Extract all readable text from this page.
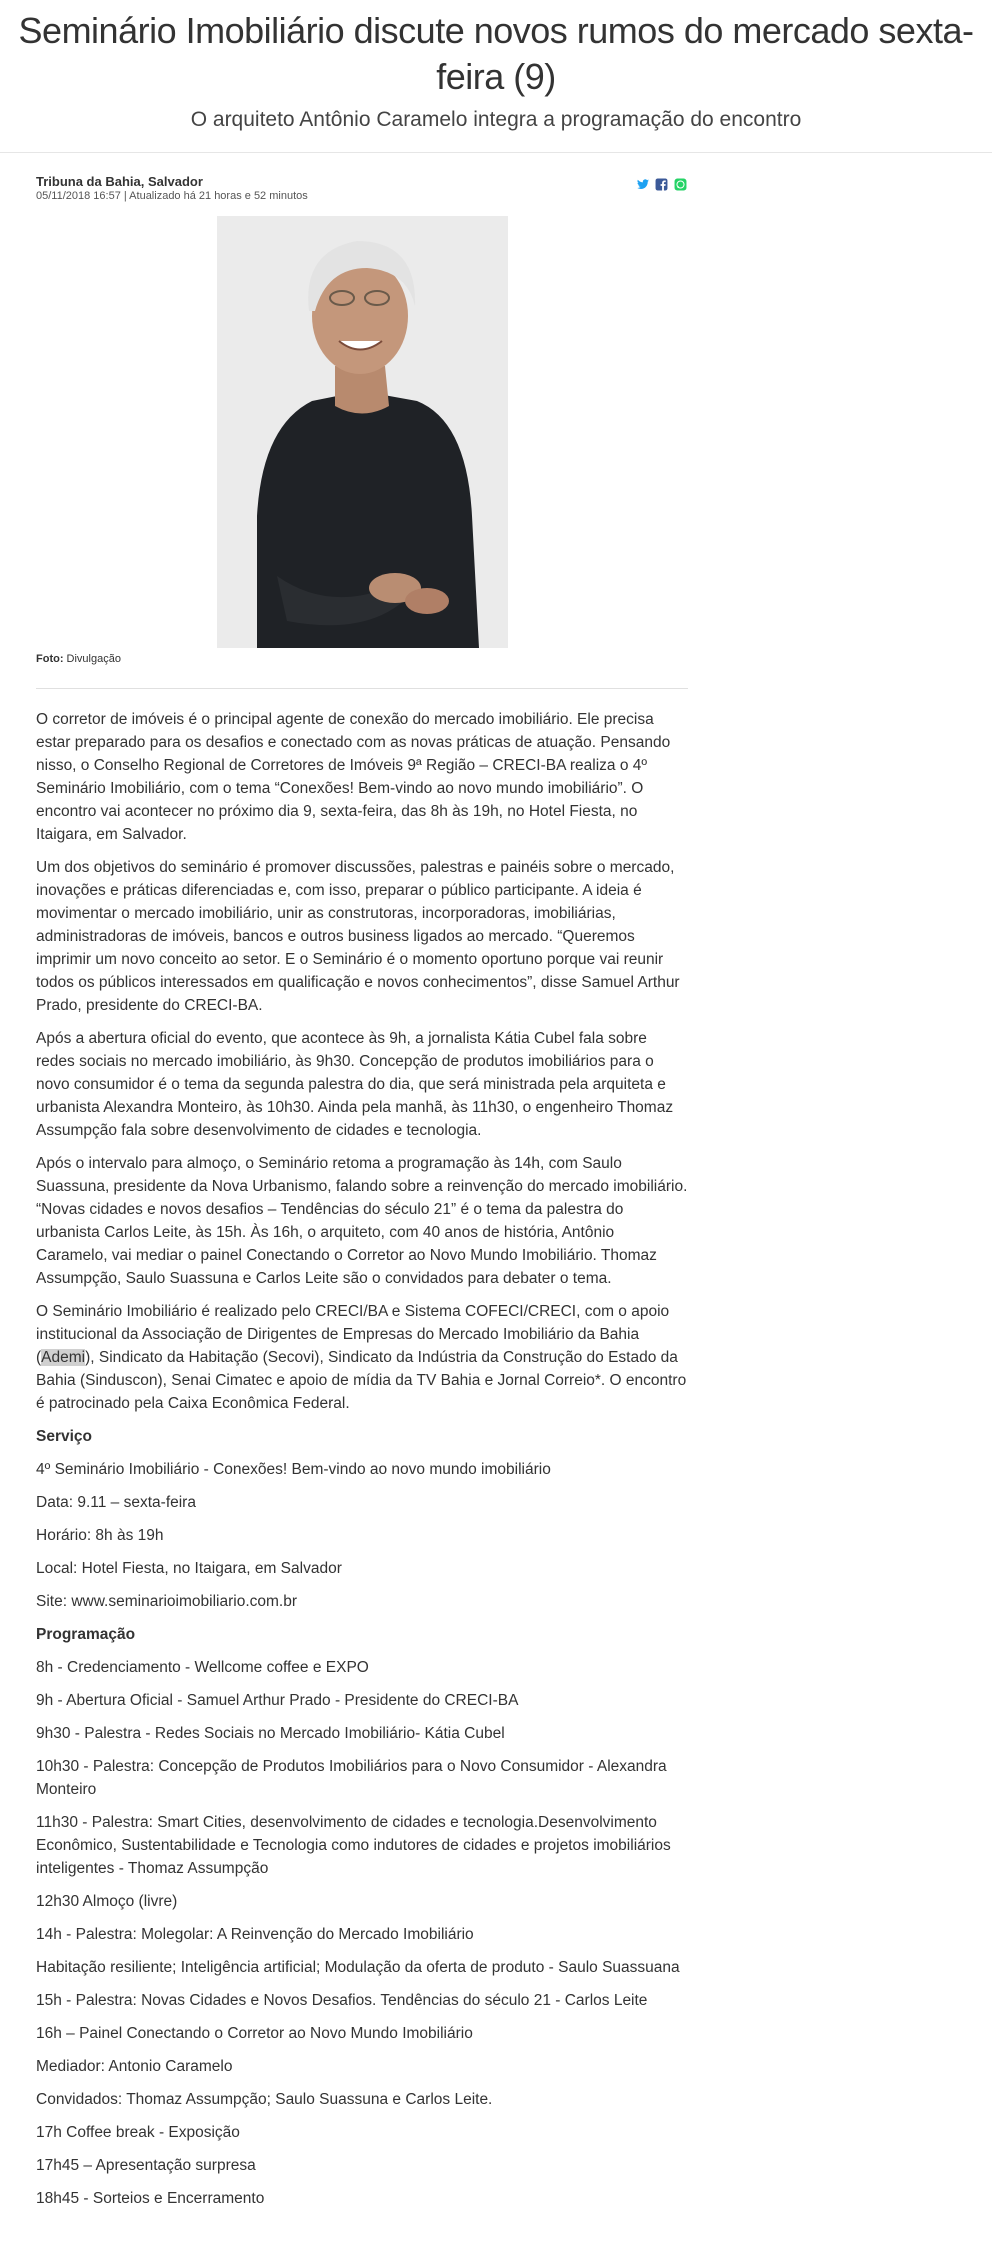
Seminário Imobiliário discute novos rumos do mercado sexta-feira (9)
O arquiteto Antônio Caramelo integra a programação do encontro
Tribuna da Bahia, Salvador
05/11/2018 16:57 | Atualizado há 21 horas e 52 minutos
Foto: Divulgação

O corretor de imóveis é o principal agente de conexão do mercado imobiliário. Ele precisa estar preparado para os desafios e conectado com as novas práticas de atuação. Pensando nisso, o Conselho Regional de Corretores de Imóveis 9ª Região – CRECI-BA realiza o 4º Seminário Imobiliário, com o tema “Conexões! Bem-vindo ao novo mundo imobiliário”. O encontro vai acontecer no próximo dia 9, sexta-feira, das 8h às 19h, no Hotel Fiesta, no Itaigara, em Salvador.

Um dos objetivos do seminário é promover discussões, palestras e painéis sobre o mercado, inovações e práticas diferenciadas e, com isso, preparar o público participante. A ideia é movimentar o mercado imobiliário, unir as construtoras, incorporadoras, imobiliárias, administradoras de imóveis, bancos e outros business ligados ao mercado. “Queremos imprimir um novo conceito ao setor. E o Seminário é o momento oportuno porque vai reunir todos os públicos interessados em qualificação e novos conhecimentos”, disse Samuel Arthur Prado, presidente do CRECI-BA.

Após a abertura oficial do evento, que acontece às 9h, a jornalista Kátia Cubel fala sobre redes sociais no mercado imobiliário, às 9h30. Concepção de produtos imobiliários para o novo consumidor é o tema da segunda palestra do dia, que será ministrada pela arquiteta e urbanista Alexandra Monteiro, às 10h30. Ainda pela manhã, às 11h30, o engenheiro Thomaz Assumpção fala sobre desenvolvimento de cidades e tecnologia.

Após o intervalo para almoço, o Seminário retoma a programação às 14h, com Saulo Suassuna, presidente da Nova Urbanismo, falando sobre a reinvenção do mercado imobiliário. “Novas cidades e novos desafios – Tendências do século 21” é o tema da palestra do urbanista Carlos Leite, às 15h. Às 16h, o arquiteto, com 40 anos de história, Antônio Caramelo, vai mediar o painel Conectando o Corretor ao Novo Mundo Imobiliário. Thomaz Assumpção, Saulo Suassuna e Carlos Leite são o convidados para debater o tema.

O Seminário Imobiliário é realizado pelo CRECI/BA e Sistema COFECI/CRECI, com o apoio institucional da Associação de Dirigentes de Empresas do Mercado Imobiliário da Bahia (Ademi), Sindicato da Habitação (Secovi), Sindicato da Indústria da Construção do Estado da Bahia (Sinduscon), Senai Cimatec e apoio de mídia da TV Bahia e Jornal Correio*. O encontro é patrocinado pela Caixa Econômica Federal.

Serviço

4º Seminário Imobiliário - Conexões! Bem-vindo ao novo mundo imobiliário

Data: 9.11 – sexta-feira

Horário: 8h às 19h

Local: Hotel Fiesta, no Itaigara, em Salvador

Site: www.seminarioimobiliario.com.br

Programação

8h - Credenciamento - Wellcome coffee e EXPO

9h - Abertura Oficial - Samuel Arthur Prado - Presidente do CRECI-BA

9h30 - Palestra - Redes Sociais no Mercado Imobiliário- Kátia Cubel

10h30 - Palestra: Concepção de Produtos Imobiliários para o Novo Consumidor - Alexandra Monteiro

11h30 - Palestra: Smart Cities, desenvolvimento de cidades e tecnologia.Desenvolvimento Econômico, Sustentabilidade e Tecnologia como indutores de cidades e projetos imobiliários inteligentes - Thomaz Assumpção

12h30 Almoço (livre)

14h - Palestra: Molegolar: A Reinvenção do Mercado Imobiliário

Habitação resiliente; Inteligência artificial; Modulação da oferta de produto - Saulo Suassuana

15h - Palestra: Novas Cidades e Novos Desafios. Tendências do século 21 - Carlos Leite

16h – Painel Conectando o Corretor ao Novo Mundo Imobiliário

Mediador: Antonio Caramelo

Convidados: Thomaz Assumpção; Saulo Suassuna e Carlos Leite.

17h Coffee break - Exposição

17h45 – Apresentação surpresa

18h45 - Sorteios e Encerramento
